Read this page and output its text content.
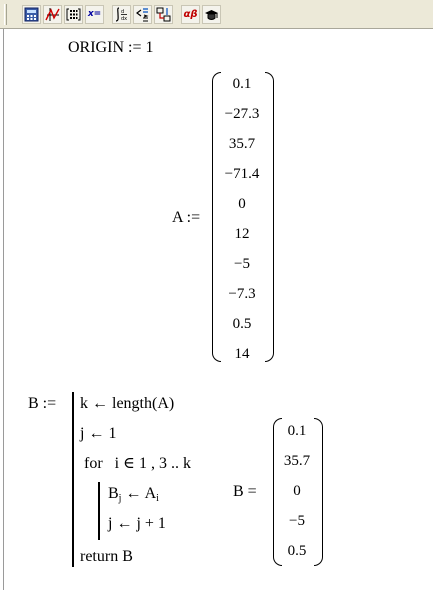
x=	d
dx	αβ
ORIGIN := 1
A :=
0.1
−27.3
35.7
−71.4
0
12
−5
−7.3
0.5
14
B := k ← length(A)
j ← 1
for i ∈ 1 , 3 .. k
$B_j$ ← $A_i$
j ← j + 1
return B
B =
0.1
35.7
0
−5
0.5
